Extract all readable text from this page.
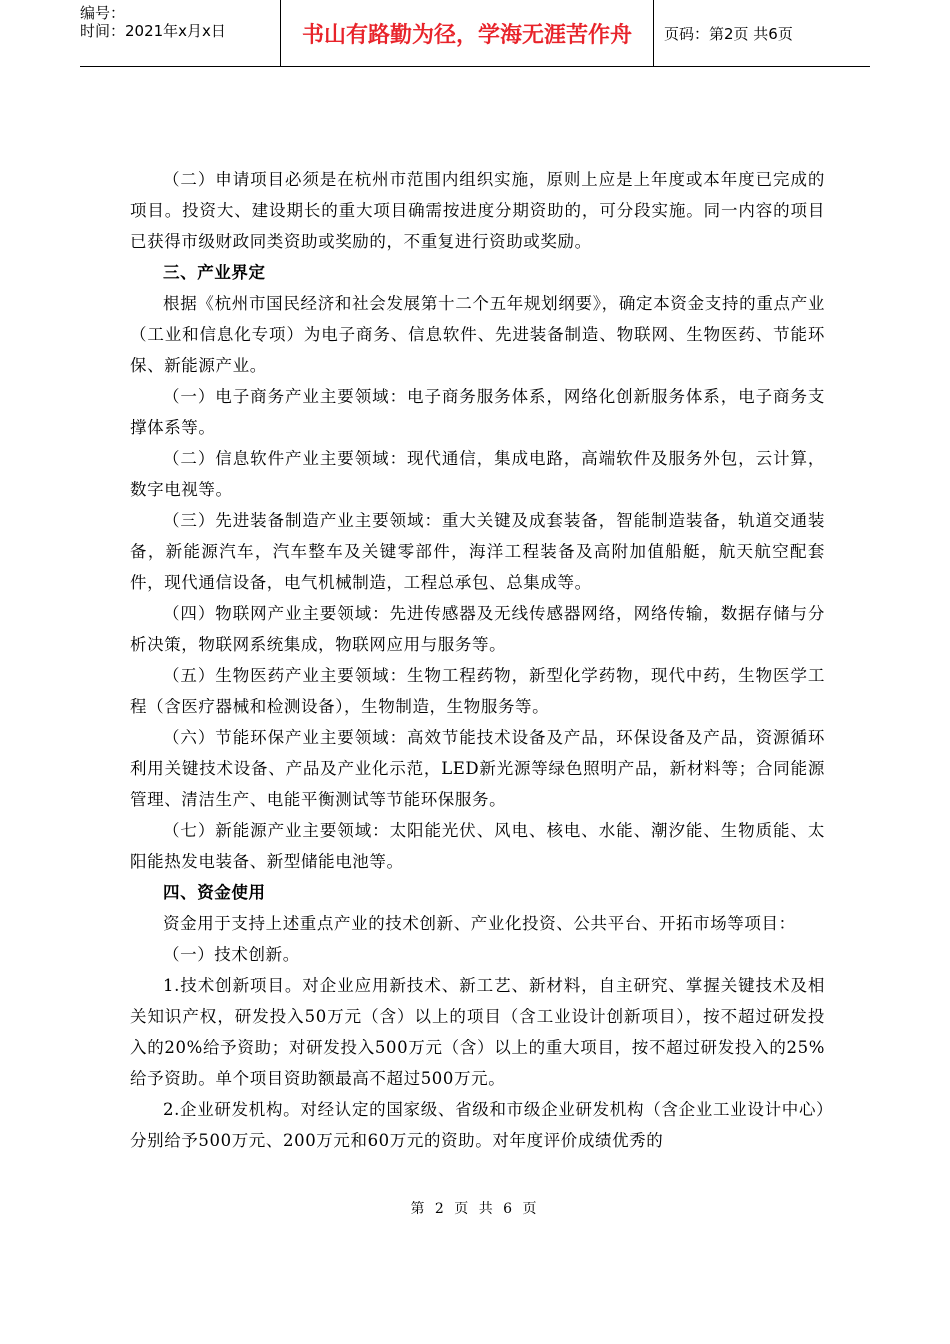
编号：
时间：2021年x月x日	书山有路勤为径，学海无涯苦作舟	页码：第2页 共6页

（二）申请项目必须是在杭州市范围内组织实施，原则上应是上年度或本年度已完成的项目。投资大、建设期长的重大项目确需按进度分期资助的，可分段实施。同一内容的项目已获得市级财政同类资助或奖励的，不重复进行资助或奖励。

三、产业界定

根据《杭州市国民经济和社会发展第十二个五年规划纲要》，确定本资金支持的重点产业（工业和信息化专项）为电子商务、信息软件、先进装备制造、物联网、生物医药、节能环保、新能源产业。

（一）电子商务产业主要领域：电子商务服务体系，网络化创新服务体系，电子商务支撑体系等。

（二）信息软件产业主要领域：现代通信，集成电路，高端软件及服务外包，云计算，数字电视等。

（三）先进装备制造产业主要领域：重大关键及成套装备，智能制造装备，轨道交通装备，新能源汽车，汽车整车及关键零部件，海洋工程装备及高附加值船艇，航天航空配套件，现代通信设备，电气机械制造，工程总承包、总集成等。

（四）物联网产业主要领域：先进传感器及无线传感器网络，网络传输，数据存储与分析决策，物联网系统集成，物联网应用与服务等。

（五）生物医药产业主要领域：生物工程药物，新型化学药物，现代中药，生物医学工程（含医疗器械和检测设备），生物制造，生物服务等。

（六）节能环保产业主要领域：高效节能技术设备及产品，环保设备及产品，资源循环利用关键技术设备、产品及产业化示范，LED新光源等绿色照明产品，新材料等；合同能源管理、清洁生产、电能平衡测试等节能环保服务。

（七）新能源产业主要领域：太阳能光伏、风电、核电、水能、潮汐能、生物质能、太阳能热发电装备、新型储能电池等。

四、资金使用

资金用于支持上述重点产业的技术创新、产业化投资、公共平台、开拓市场等项目：

（一）技术创新。

1.技术创新项目。对企业应用新技术、新工艺、新材料，自主研究、掌握关键技术及相关知识产权，研发投入50万元（含）以上的项目（含工业设计创新项目），按不超过研发投入的20%给予资助；对研发投入500万元（含）以上的重大项目，按不超过研发投入的25%给予资助。单个项目资助额最高不超过500万元。

2.企业研发机构。对经认定的国家级、省级和市级企业研发机构（含企业工业设计中心）分别给予500万元、200万元和60万元的资助。对年度评价成绩优秀的

第 2 页 共 6 页
